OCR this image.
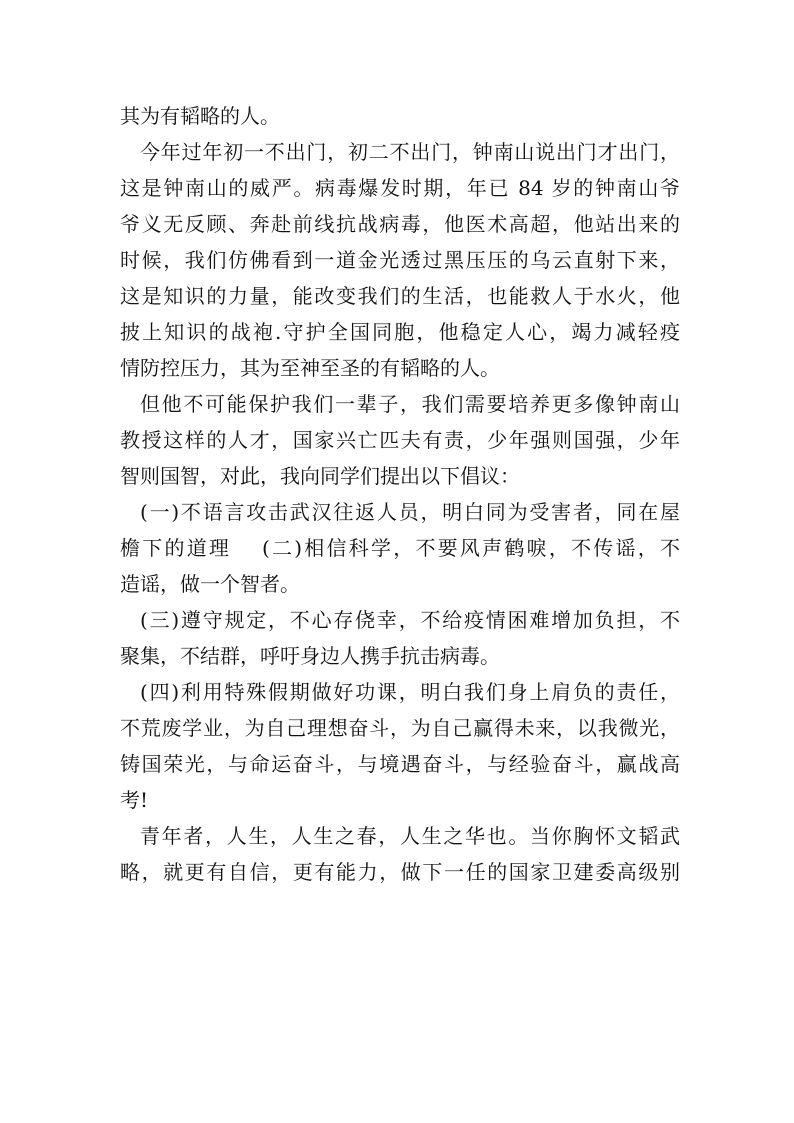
其为有韬略的人。
今年过年初一不出门，初二不出门，钟南山说出门才出门，
这是钟南山的威严。病毒爆发时期，年已 84 岁的钟南山爷
爷义无反顾、奔赴前线抗战病毒，他医术高超，他站出来的
时候，我们仿佛看到一道金光透过黑压压的乌云直射下来，
这是知识的力量，能改变我们的生活，也能救人于水火，他
披上知识的战袍.守护全国同胞，他稳定人心，竭力减轻疫
情防控压力，其为至神至圣的有韬略的人。
但他不可能保护我们一辈子，我们需要培养更多像钟南山
教授这样的人才，国家兴亡匹夫有责，少年强则国强，少年
智则国智，对此，我向同学们提出以下倡议：
(一)不语言攻击武汉往返人员，明白同为受害者，同在屋
檐下的道理　 (二)相信科学，不要风声鹤唳，不传谣，不
造谣，做一个智者。
(三)遵守规定，不心存侥幸，不给疫情困难增加负担，不
聚集，不结群，呼吁身边人携手抗击病毒。
(四)利用特殊假期做好功课，明白我们身上肩负的责任，
不荒废学业，为自己理想奋斗，为自己赢得未来，以我微光，
铸国荣光，与命运奋斗，与境遇奋斗，与经验奋斗，赢战高
考!
青年者，人生，人生之春，人生之华也。当你胸怀文韬武
略，就更有自信，更有能力，做下一任的国家卫建委高级别
